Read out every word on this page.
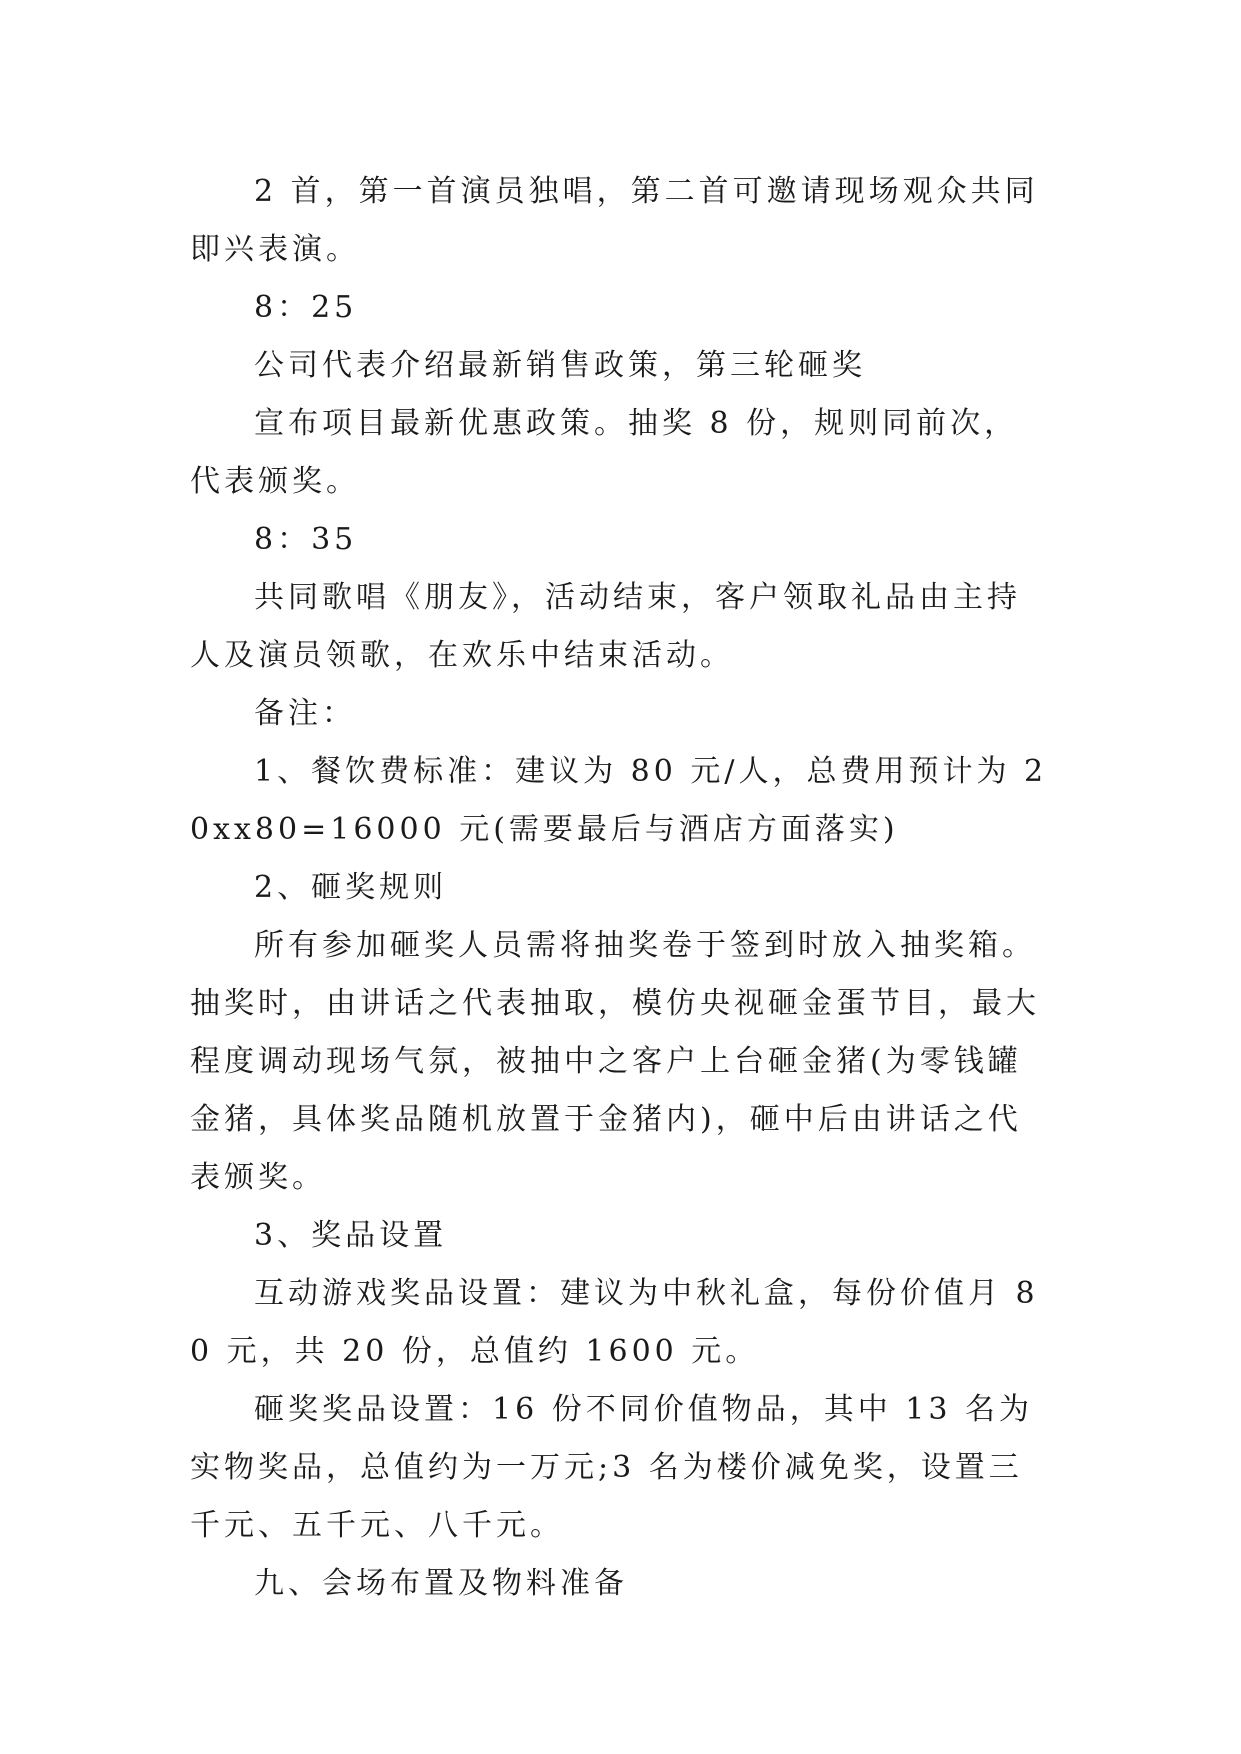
2 首，第一首演员独唱，第二首可邀请现场观众共同即兴表演。

8：25

公司代表介绍最新销售政策，第三轮砸奖

宣布项目最新优惠政策。抽奖 8 份，规则同前次，代表颁奖。

8：35

共同歌唱《朋友》，活动结束，客户领取礼品由主持人及演员领歌，在欢乐中结束活动。

备注：

1、餐饮费标准：建议为 80 元/人，总费用预计为 20xx80=16000 元(需要最后与酒店方面落实)

2、砸奖规则

所有参加砸奖人员需将抽奖卷于签到时放入抽奖箱。抽奖时，由讲话之代表抽取，模仿央视砸金蛋节目，最大程度调动现场气氛，被抽中之客户上台砸金猪(为零钱罐金猪，具体奖品随机放置于金猪内)，砸中后由讲话之代表颁奖。

3、奖品设置

互动游戏奖品设置：建议为中秋礼盒，每份价值月 80 元，共 20 份，总值约 1600 元。

砸奖奖品设置：16 份不同价值物品，其中 13 名为实物奖品，总值约为一万元;3 名为楼价减免奖，设置三千元、五千元、八千元。

九、会场布置及物料准备
